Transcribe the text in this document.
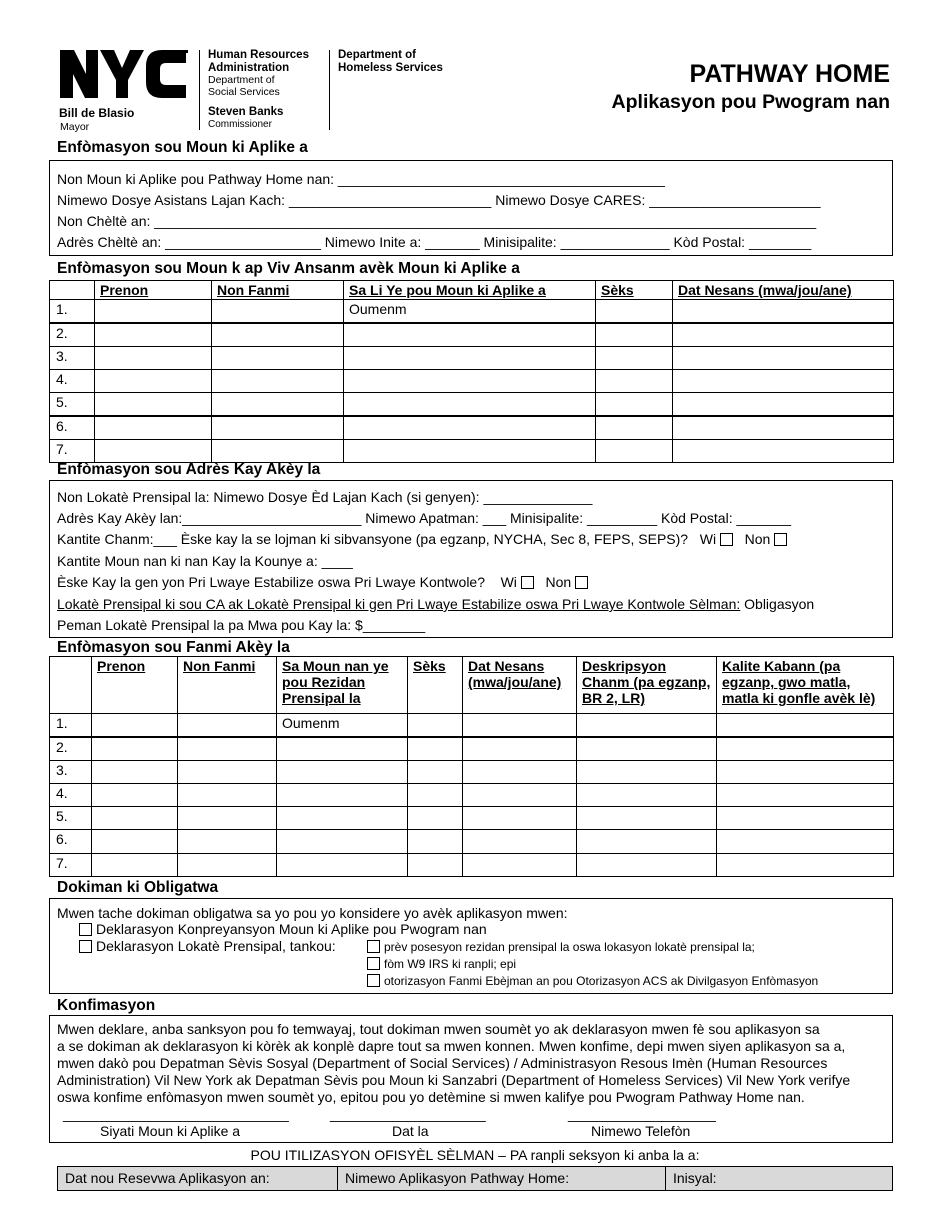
Bill de Blasio
Mayor
Human Resources
Administration
Department of
Social Services
Steven Banks
Commissioner
Department of
Homeless Services	PATHWAY HOME
Aplikasyon pou Pwogram nan
Enfòmasyon sou Moun ki Aplike a
Non Moun ki Aplike pou Pathway Home nan: __________________________________________
Nimewo Dosye Asistans Lajan Kach: __________________________ Nimewo Dosye CARES: ______________________
Non Chèltè an: _____________________________________________________________________________________
Adrès Chèltè an: ____________________ Nimewo Inite a: _______ Minisipalite: ______________ Kòd Postal: ________
Enfòmasyon sou Moun k ap Viv Ansanm avèk Moun ki Aplike a
	Prenon	Non Fanmi	Sa Li Ye pou Moun ki Aplike a	Sèks	Dat Nesans (mwa/jou/ane)
1.			Oumenm		
2.					
3.					
4.					
5.					
6.					
7.					
Enfòmasyon sou Adrès Kay Akèy la
Non Lokatè Prensipal la: Nimewo Dosye Èd Lajan Kach (si genyen): ______________
Adrès Kay Akèy lan:_______________________ Nimewo Apatman: ___ Minisipalite: _________ Kòd Postal: _______
Kantite Chanm:___ Èske kay la se lojman ki sibvansyone (pa egzanp, NYCHA, Sec 8, FEPS, SEPS)? Wi Non
Kantite Moun nan ki nan Kay la Kounye a: ____
Èske Kay la gen yon Pri Lwaye Estabilize oswa Pri Lwaye Kontwole? Wi Non
Lokatè Prensipal ki sou CA ak Lokatè Prensipal ki gen Pri Lwaye Estabilize oswa Pri Lwaye Kontwole Sèlman: Obligasyon
Peman Lokatè Prensipal la pa Mwa pou Kay la: $________
Enfòmasyon sou Fanmi Akèy la
	Prenon	Non Fanmi	Sa Moun nan ye pou Rezidan Prensipal la	Sèks	Dat Nesans (mwa/jou/ane)	Deskripsyon Chanm (pa egzanp, BR 2, LR)	Kalite Kabann (pa egzanp, gwo matla, matla ki gonfle avèk lè)
1.			Oumenm				
2.							
3.							
4.							
5.							
6.							
7.							
Dokiman ki Obligatwa
Mwen tache dokiman obligatwa sa yo pou yo konsidere yo avèk aplikasyon mwen:
Deklarasyon Konpreyansyon Moun ki Aplike pou Pwogram nan
Deklarasyon Lokatè Prensipal, tankou:	prèv posesyon rezidan prensipal la oswa lokasyon lokatè prensipal la;
fòm W9 IRS ki ranpli; epi
otorizasyon Fanmi Ebèjman an pou Otorizasyon ACS ak Divilgasyon Enfòmasyon
Konfimasyon
Mwen deklare, anba sanksyon pou fo temwayaj, tout dokiman mwen soumèt yo ak deklarasyon mwen fè sou aplikasyon sa
a se dokiman ak deklarasyon ki kòrèk ak konplè dapre tout sa mwen konnen. Mwen konfime, depi mwen siyen aplikasyon sa a,
mwen dakò pou Depatman Sèvis Sosyal (Department of Social Services) / Administrasyon Resous Imèn (Human Resources
Administration) Vil New York ak Depatman Sèvis pou Moun ki Sanzabri (Department of Homeless Services) Vil New York verifye
oswa konfime enfòmasyon mwen soumèt yo, epitou pou yo detèmine si mwen kalifye pou Pwogram Pathway Home nan.
_____________________________	____________________	___________________
Siyati Moun ki Aplike a	Dat la	Nimewo Telefòn
POU ITILIZASYON OFISYÈL SÈLMAN – PA ranpli seksyon ki anba la a:
Dat nou Resevwa Aplikasyon an:	Nimewo Aplikasyon Pathway Home:	Inisyal:
